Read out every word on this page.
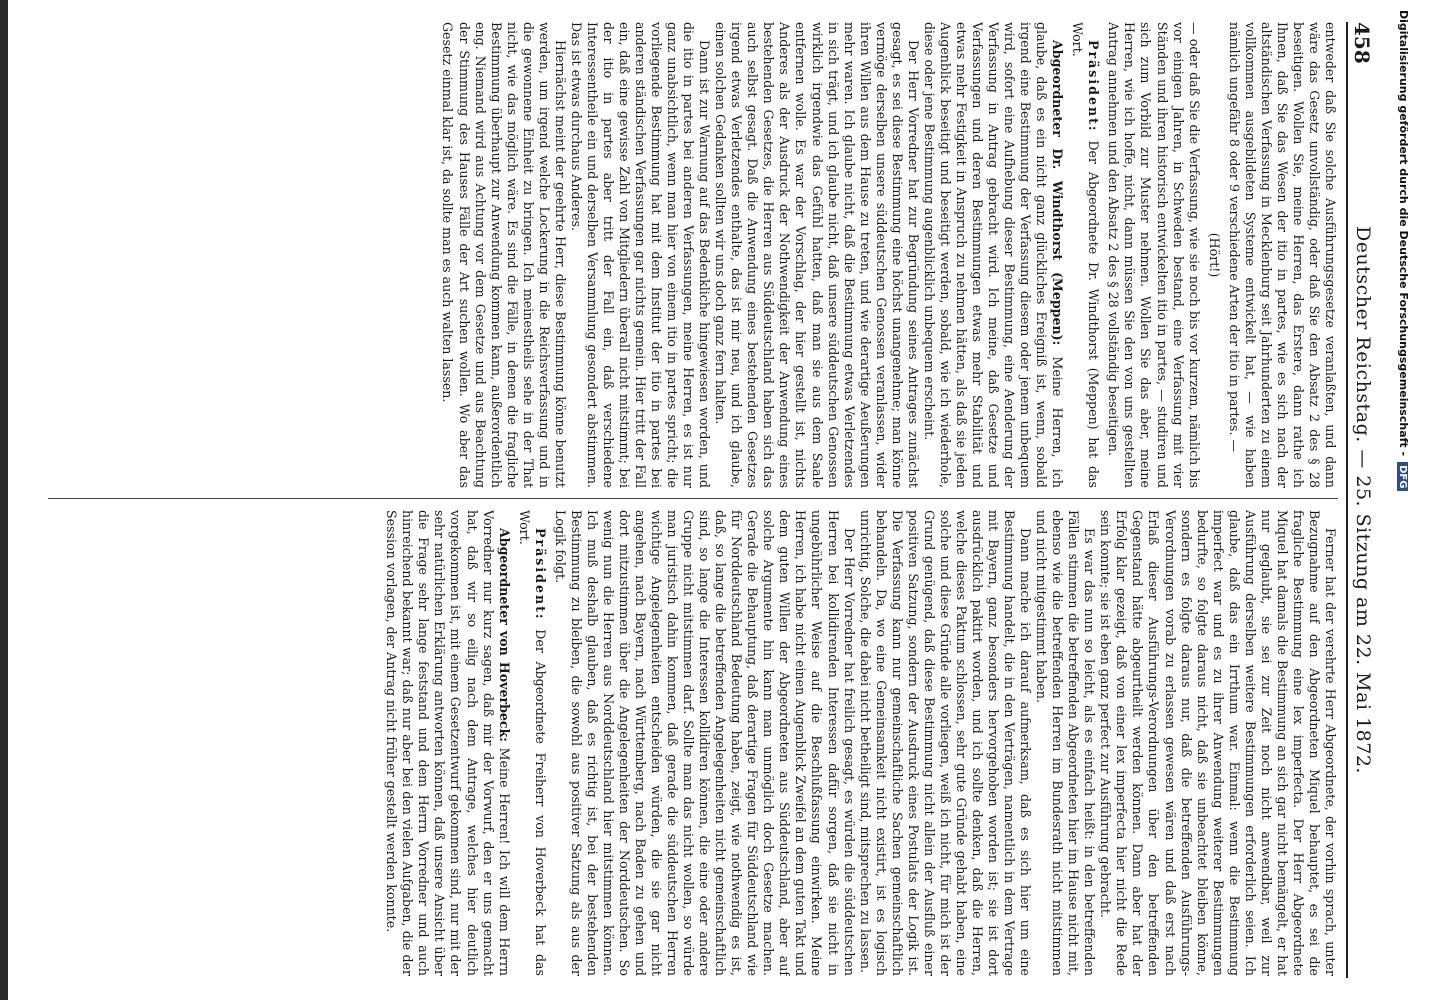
458
Deutscher Reichstag. — 25. Sitzung am 22. Mai 1872.

entweder daß Sie solche Ausführungsgesetze veranlaßten, und dann wäre das Gesetz unvollständig, oder daß Sie den Absatz 2 des § 28 beseitigen. Wollen Sie, meine Herren, das Erstere, dann rathe ich Ihnen, daß Sie das Wesen der itio in partes, wie es sich nach der altständischen Verfassung in Mecklenburg seit Jahrhunderten zu einem vollkommen ausgebildeten Systeme entwickelt hat, — wie haben nämlich ungefähr 8 oder 9 verschiedene Arten der itio in partes. —

(Hört!)

— oder daß Sie die Verfassung, wie sie noch bis vor kurzem, nämlich bis vor einigen Jahren, in Schweden bestand, eine Verfassung mit vier Ständen und ihren historisch entwickelten itio in partes, — studiren und sich zum Vorbild zur Muster nehmen. Wollen Sie das aber, meine Herren, wie ich hoffe, nicht, dann müssen Sie den von uns gestellten Antrag annehmen und den Absatz 2 des § 28 vollständig beseitigen.

Präsident: Der Abgeordnete Dr. Windthorst (Meppen) hat das Wort.

Abgeordneter Dr. Windthorst (Meppen): Meine Herren, ich glaube, daß es ein nicht ganz glückliches Ereigniß ist, wenn, sobald irgend eine Bestimmung der Verfassung diesem oder jenem unbequem wird, sofort eine Aufhebung dieser Bestimmung, eine Aenderung der Verfassung in Antrag gebracht wird. Ich meine, daß Gesetze und Verfassungen und deren Bestimmungen etwas mehr Stabilität und etwas mehr Festigkeit in Anspruch zu nehmen hätten, als daß sie jeden Augenblick beseitigt und beseitigt werden, sobald, wie ich wiederhole, diese oder jene Bestimmung augenblicklich unbequem erscheint.

Der Herr Vorredner hat zur Begründung seines Antrages zunächst gesagt, es sei diese Bestimmung eine höchst unangenehme; man könne vermöge derselben unsere süddeutschen Genossen veranlassen, wider ihren Willen aus dem Hause zu treten, und wie derartige Aeußerungen mehr waren. Ich glaube nicht, daß die Bestimmung etwas Verletzendes in sich trägt, und ich glaube nicht, daß unsere süddeutschen Genossen wirklich irgendwie das Gefühl hatten, daß man sie aus dem Saale entfernen wolle. Es war der Vorschlag, der hier gestellt ist, nichts Anderes als der Ausdruck der Nothwendigkeit der Anwendung eines bestehenden Gesetzes, die Herren aus Süddeutschland haben sich das auch selbst gesagt. Daß die Anwendung eines bestehenden Gesetzes irgend etwas Verletzendes enthalte, das ist mir neu, und ich glaube, einen solchen Gedanken sollten wir uns doch ganz fern halten.

Dann ist zur Warnung auf das Bedenkliche hingewiesen worden, und die itio in partes bei anderen Verfassungen, meine Herren, es ist nur ganz unabsichtlich, wenn man hier von einem itio in partes spricht; die vorliegende Bestimmung hat mit dem Institut der itio in partes bei anderen ständischen Verfassungen gar nichts gemein. Hier tritt der Fall ein, daß eine gewisse Zahl von Mitgliedern überall nicht mitstimmt; bei der itio in partes aber tritt der Fall ein, daß verschiedene Interessentheile ein und derselben Versammlung gesondert abstimmen. Das ist etwas durchaus Anderes.

Hiernächst meint der geehrte Herr, diese Bestimmung könne benutzt werden, um irgend welche Lockerung in die Reichsverfassung und in die gewonnene Einheit zu bringen. Ich meinestheils sehe in der That nicht, wie das möglich wäre. Es sind die Fälle, in denen die fragliche Bestimmung überhaupt zur Anwendung kommen kann, außerordentlich eng. Niemand wird aus Achtung vor dem Gesetze und aus Beachtung der Stimmung des Hauses Fälle der Art suchen wollen. Wo aber das Gesetz einmal klar ist, da sollte man es auch walten lassen.

Ferner hat der verehrte Herr Abgeordnete, der vorhin sprach, unter Bezugnahme auf den Abgeordneten Miquel behauptet, es sei die fragliche Bestimmung eine lex imperfecta. Der Herr Abgeordnete Miquel hat damals die Bestimmung an sich gar nicht bemängelt, er hat nur geglaubt, sie sei zur Zeit noch nicht anwendbar, weil zur Ausführung derselben weitere Bestimmungen erforderlich seien. Ich glaube, daß das ein Irrthum war. Einmal: wenn die Bestimmung imperfect war und es zu ihrer Anwendung weiterer Bestimmungen bedurfte, so folgte daraus nicht, daß sie unbeachtet bleiben könne, sondern es folgte daraus nur, daß die betreffenden Ausführungs-Verordnungen vorab zu erlassen gewesen wären und daß erst nach Erlaß dieser Ausführungs-Verordnungen über den betreffenden Gegenstand hätte abgeurtheilt werden können. Dann aber hat der Erfolg klar gezeigt, daß von einer lex imperfecta hier nicht die Rede sein konnte; sie ist eben ganz perfect zur Ausführung gebracht.

Es war das nun so leicht, als es einfach heißt: in den betreffenden Fällen stimmen die betreffenden Abgeordneten hier im Hause nicht mit, ebenso wie die betreffenden Herren im Bundesrath nicht mitstimmen und nicht mitgestimmt haben.

Dann mache ich darauf aufmerksam, daß es sich hier um eine Bestimmung handelt, die in den Verträgen, namentlich in dem Vertrage mit Bayern, ganz besonders hervorgehoben worden ist; sie ist dort ausdrücklich paktirt worden, und ich sollte denken, daß die Herren, welche dieses Paktum schlossen, sehr gute Gründe gehabt haben, eine solche und diese Gründe alle vorliegen, weiß ich nicht, für mich ist der Grund genügend, daß diese Bestimmung nicht allein der Ausfluß einer positiven Satzung, sondern der Ausdruck eines Postulats der Logik ist. Die Verfassung kann nur gemeinschaftliche Sachen gemeinschaftlich behandeln. Da, wo eine Gemeinsamkeit nicht existirt, ist es logisch unrichtig, Solche, die dabei nicht betheiligt sind, mitsprechen zu lassen.

Der Herr Vorredner hat freilich gesagt, es würden die süddeutschen Herren bei kollidirenden Interessen dafür sorgen, daß sie nicht in ungebührlicher Weise auf die Beschlußfassung einwirken. Meine Herren, ich habe nicht einen Augenblick Zweifel an dem guten Takt und dem guten Willen der Abgeordneten aus Süddeutschland, aber auf solche Argumente hin kann man unmöglich doch Gesetze machen. Gerade die Behauptung, daß derartige Fragen für Süddeutschland wie für Norddeutschland Bedeutung haben, zeigt, wie nothwendig es ist, daß, so lange die betreffenden Angelegenheiten nicht gemeinschaftlich sind, so lange die Interessen kollidiren können, die eine oder andere Gruppe nicht mitstimmen darf. Sollte man das nicht wollen, so würde man juristisch dahin kommen, daß gerade die süddeutschen Herren wichtige Angelegenheiten entscheiden würden, die sie gar nicht angehen, nach Bayern, nach Württemberg, nach Baden zu gehen und dort mitzustimmen über die Angelegenheiten der Norddeutschen. So wenig nun die Herren aus Norddeutschland hier mitstimmen können. Ich muß deshalb glauben, daß es richtig ist, bei der bestehenden Bestimmung zu bleiben, die sowohl aus positiver Satzung als aus der Logik folgt.

Präsident: Der Abgeordnete Freiherr von Hoverbeck hat das Wort.

Abgeordneter von Hoverbeck: Meine Herren! Ich will dem Herrn Vorredner nur kurz sagen, daß mir der Vorwurf, den er uns gemacht hat, daß wir so eilig nach dem Antrage, welches hier deutlich vorgekommen ist, mit einem Gesetzentwurf gekommen sind, nur mit der sehr natürlichen Erklärung antworten können, daß unsere Ansicht über die Frage sehr lange feststand und dem Herrn Vorredner und auch hinreichend bekannt war; daß nur aber bei den vielen Aufgaben, die der Session vorlagen, der Antrag nicht früher gestellt werden konnte.

Digitalisierung gefördert durch die Deutsche Forschungsgemeinschaft -DFG
